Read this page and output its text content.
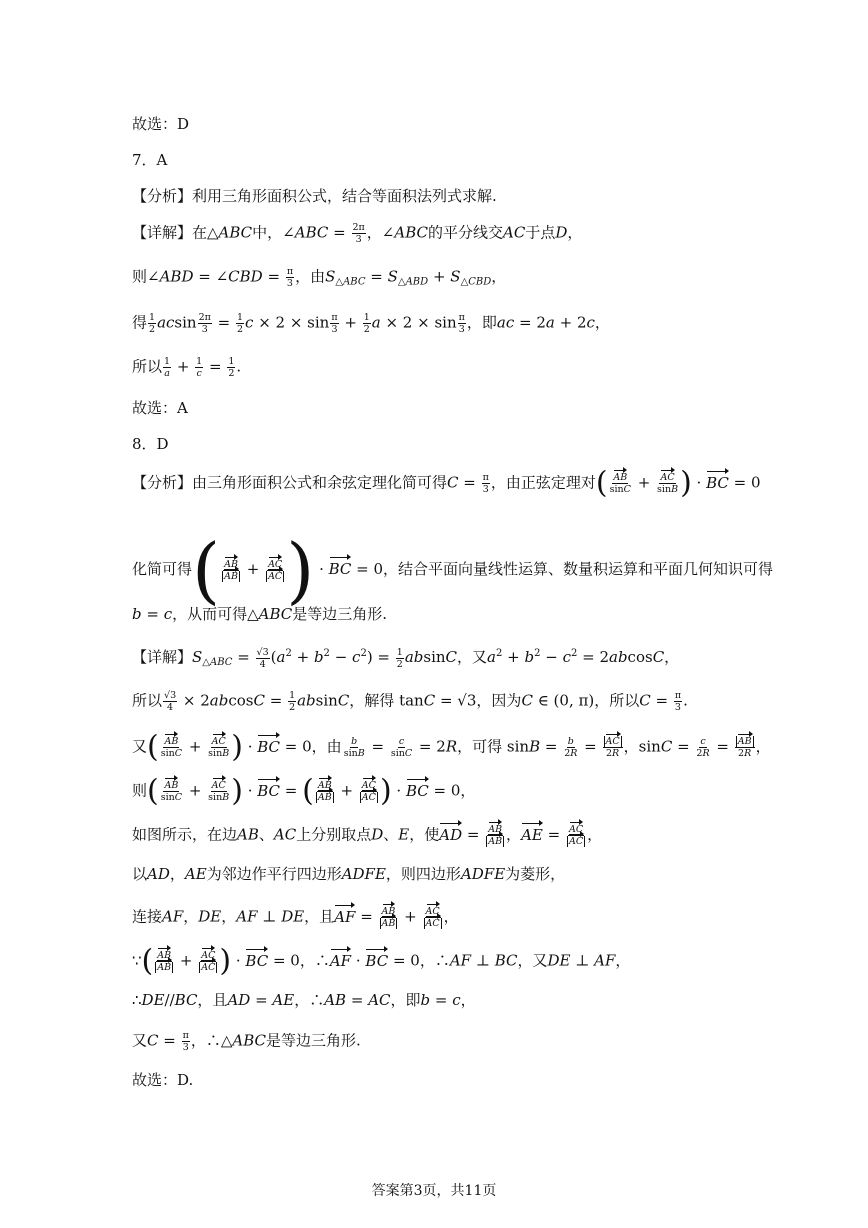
故选：D
7．A
【分析】利用三角形面积公式，结合等面积法列式求解.
【详解】在△ABC中，∠ABC = $\frac{2\pi}{3}$ ，∠ABC的平分线交AC于点D，
则∠ABD = ∠CBD = $\frac{\pi}{3}$ ，由$S_{\triangle ABC} = S_{\triangle ABD} + S_{\triangle CBD}$，
得 $\frac{1}{2}$ acsin $\frac{2\pi}{3} = \frac{1}{2}$ $c \times 2 \times \sin \frac{\pi}{3} + \frac{1}{2}$ $a \times 2 \times \sin \frac{\pi}{3}$ ，即ac = 2a + 2c，
所以 $\frac{1}{a} + \frac{1}{c} = \frac{1}{2}$ .
故选：A
8．D
【分析】由三角形面积公式和余弦定理化简可得$C = \frac{\pi}{3}$ ，由正弦定理对( $\frac{AB}{\sin C} + \frac{AC}{\sin B}$ ) · BC = 0
化简可得( $\frac{AB}{AB} + \frac{AC}{AC}$ ) · BC = 0，结合平面向量线性运算、数量积运算和平面几何知识可得
b = c，从而可得△ABC是等边三角形.
【详解】$S_{\triangle ABC} = \frac{√3}{4} (a^2 + b^2 - c^2) = \frac{1}{2}$ absinC，又$a^2 + b^2 - c^2 = 2abcosC$，
所以 $\frac{√3}{4} \times 2abcosC = \frac{1}{2}$ absinC，解得 tanC = √3，因为C ∈ (0, π)，所以$C = \frac{\pi}{3}$ .
又( $\frac{AB}{\sin C} + \frac{AC}{\sin B}$ ) · BC = 0，由 $\frac{b}{\sin B} = \frac{c}{\sin C} = 2R$，可得 $\sin B = \frac{b}{2R} = \frac{AC}{2R}$ ，$\sin C = \frac{c}{2R} = \frac{AB}{2R}$ ，
则( $\frac{AB}{\sin C} + \frac{AC}{\sin B}$ ) · BC = ( $\frac{AB}{AB} + \frac{AC}{AC}$ ) · BC = 0，
如图所示，在边AB、AC上分别取点D、E，使AD = $\frac{AB}{AB}$ ，AE = $\frac{AC}{AC}$ ，
以AD，AE为邻边作平行四边形ADFE，则四边形ADFE为菱形，
连接AF，DE，AF ⊥ DE，且AF = $\frac{AB}{AB} + \frac{AC}{AC}$ ，
∵( $\frac{AB}{AB} + \frac{AC}{AC}$ ) · BC = 0，∴AF · BC = 0，∴AF ⊥ BC，又DE ⊥ AF，
∴DE//BC，且AD = AE，∴AB = AC，即b = c，
又$C = \frac{\pi}{3}$ ，∴△ABC是等边三角形.
故选：D.
答案第3页，共11页
